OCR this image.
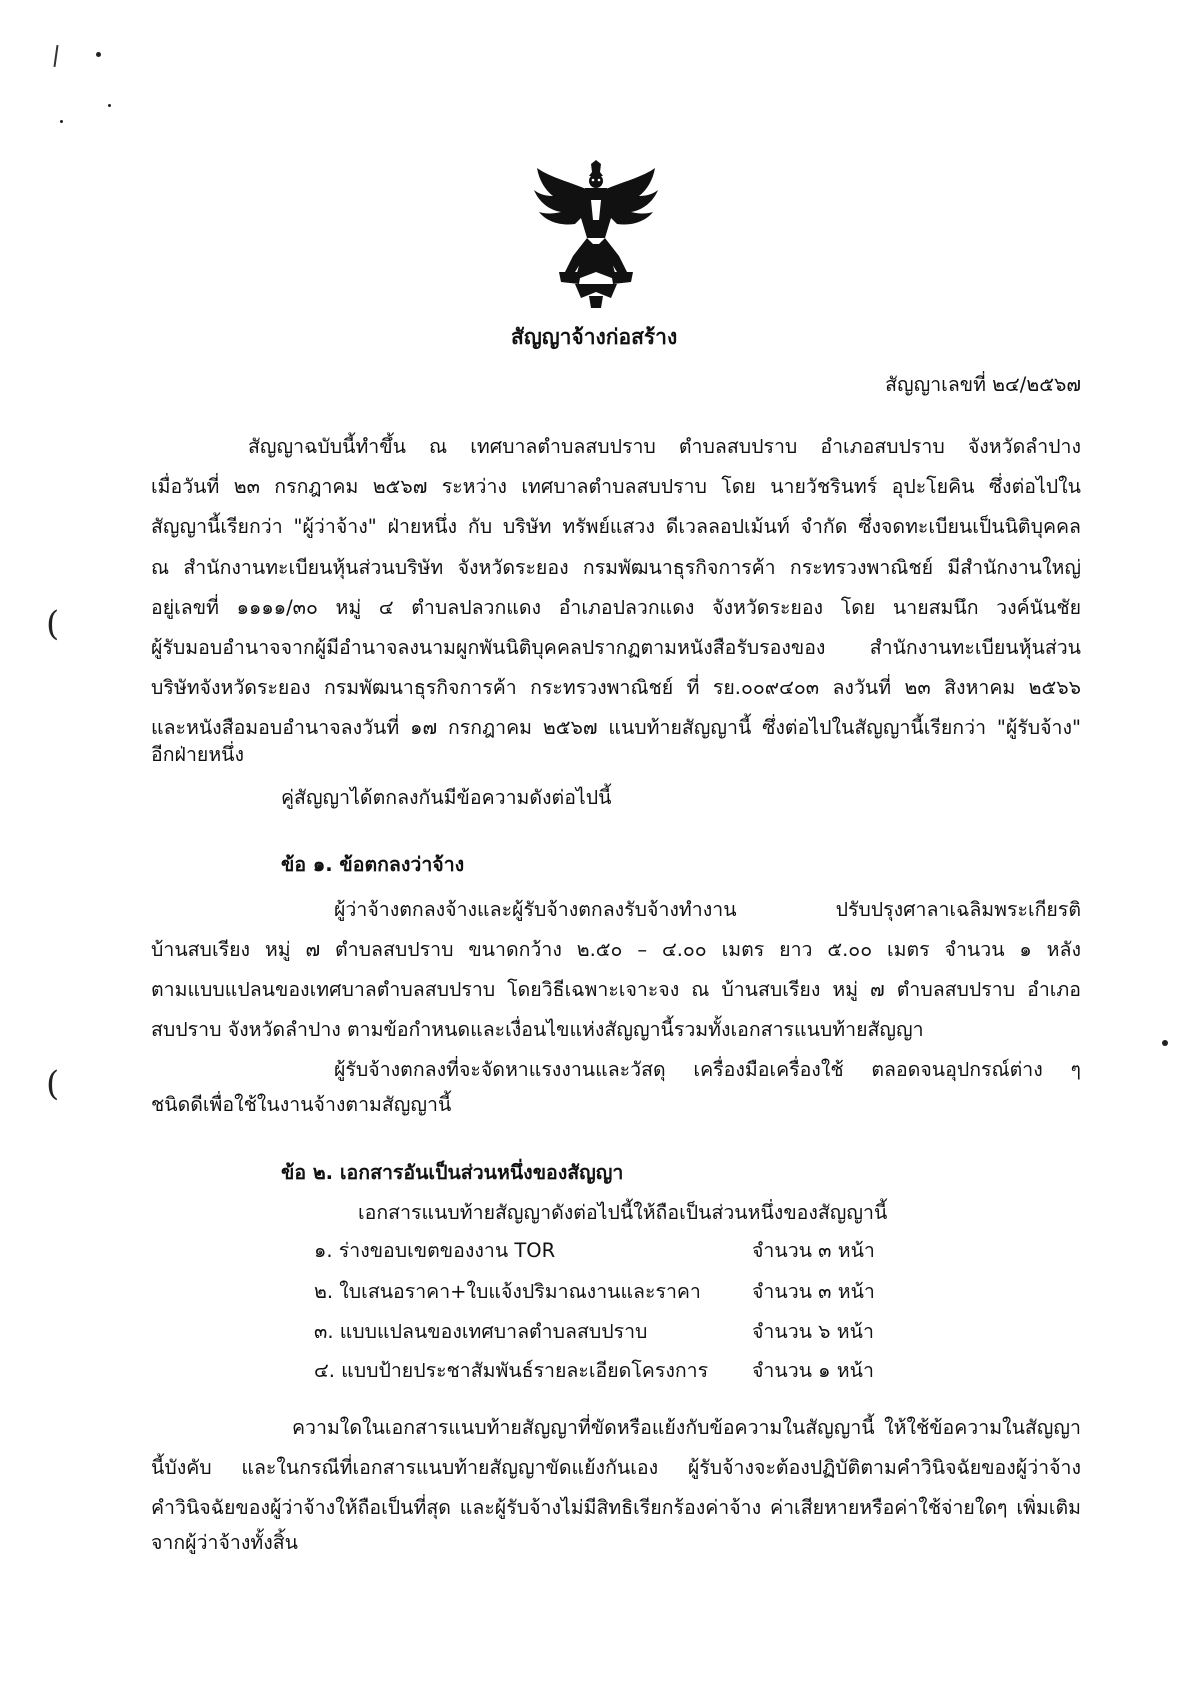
(
(
สัญญาจ้างก่อสร้าง
สัญญาเลขที่ ๒๔/๒๕๖๗
สัญญาฉบับนี้ทำขึ้น ณ เทศบาลตำบลสบปราบ ตำบลสบปราบ อำเภอสบปราบ จังหวัดลำปาง
เมื่อวันที่ ๒๓ กรกฎาคม ๒๕๖๗ ระหว่าง เทศบาลตำบลสบปราบ โดย นายวัชรินทร์ อุปะโยคิน ซึ่งต่อไปใน
สัญญานี้เรียกว่า "ผู้ว่าจ้าง" ฝ่ายหนึ่ง กับ บริษัท ทรัพย์แสวง ดีเวลลอปเม้นท์ จำกัด ซึ่งจดทะเบียนเป็นนิติบุคคล
ณ สำนักงานทะเบียนหุ้นส่วนบริษัท จังหวัดระยอง กรมพัฒนาธุรกิจการค้า กระทรวงพาณิชย์ มีสำนักงานใหญ่
อยู่เลขที่ ๑๑๑๑/๓๐ หมู่ ๔ ตำบลปลวกแดง อำเภอปลวกแดง จังหวัดระยอง โดย นายสมนึก วงค์นันชัย
ผู้รับมอบอำนาจจากผู้มีอำนาจลงนามผูกพันนิติบุคคลปรากฏตามหนังสือรับรองของ สำนักงานทะเบียนหุ้นส่วน
บริษัทจังหวัดระยอง กรมพัฒนาธุรกิจการค้า กระทรวงพาณิชย์ ที่ รย.๐๐๙๔๐๓ ลงวันที่ ๒๓ สิงหาคม ๒๕๖๖
และหนังสือมอบอำนาจลงวันที่ ๑๗ กรกฎาคม ๒๕๖๗ แนบท้ายสัญญานี้ ซึ่งต่อไปในสัญญานี้เรียกว่า "ผู้รับจ้าง"
อีกฝ่ายหนึ่ง
คู่สัญญาได้ตกลงกันมีข้อความดังต่อไปนี้
ข้อ ๑. ข้อตกลงว่าจ้าง
ผู้ว่าจ้างตกลงจ้างและผู้รับจ้างตกลงรับจ้างทำงาน ปรับปรุงศาลาเฉลิมพระเกียรติ
บ้านสบเรียง หมู่ ๗ ตำบลสบปราบ ขนาดกว้าง ๒.๕๐ – ๔.๐๐ เมตร ยาว ๕.๐๐ เมตร จำนวน ๑ หลัง
ตามแบบแปลนของเทศบาลตำบลสบปราบ โดยวิธีเฉพาะเจาะจง ณ บ้านสบเรียง หมู่ ๗ ตำบลสบปราบ อำเภอ
สบปราบ จังหวัดลำปาง ตามข้อกำหนดและเงื่อนไขแห่งสัญญานี้รวมทั้งเอกสารแนบท้ายสัญญา
ผู้รับจ้างตกลงที่จะจัดหาแรงงานและวัสดุ เครื่องมือเครื่องใช้ ตลอดจนอุปกรณ์ต่าง ๆ
ชนิดดีเพื่อใช้ในงานจ้างตามสัญญานี้
ข้อ ๒. เอกสารอันเป็นส่วนหนึ่งของสัญญา
เอกสารแนบท้ายสัญญาดังต่อไปนี้ให้ถือเป็นส่วนหนึ่งของสัญญานี้
๑. ร่างขอบเขตของงาน TOR	จำนวน ๓ หน้า
๒. ใบเสนอราคา+ใบแจ้งปริมาณงานและราคา	จำนวน ๓ หน้า
๓. แบบแปลนของเทศบาลตำบลสบปราบ	จำนวน ๖ หน้า
๔. แบบป้ายประชาสัมพันธ์รายละเอียดโครงการ จำนวน ๑ หน้า
ความใดในเอกสารแนบท้ายสัญญาที่ขัดหรือแย้งกับข้อความในสัญญานี้ ให้ใช้ข้อความในสัญญา
นี้บังคับ และในกรณีที่เอกสารแนบท้ายสัญญาขัดแย้งกันเอง ผู้รับจ้างจะต้องปฏิบัติตามคำวินิจฉัยของผู้ว่าจ้าง
คำวินิจฉัยของผู้ว่าจ้างให้ถือเป็นที่สุด และผู้รับจ้างไม่มีสิทธิเรียกร้องค่าจ้าง ค่าเสียหายหรือค่าใช้จ่ายใดๆ เพิ่มเติม
จากผู้ว่าจ้างทั้งสิ้น
